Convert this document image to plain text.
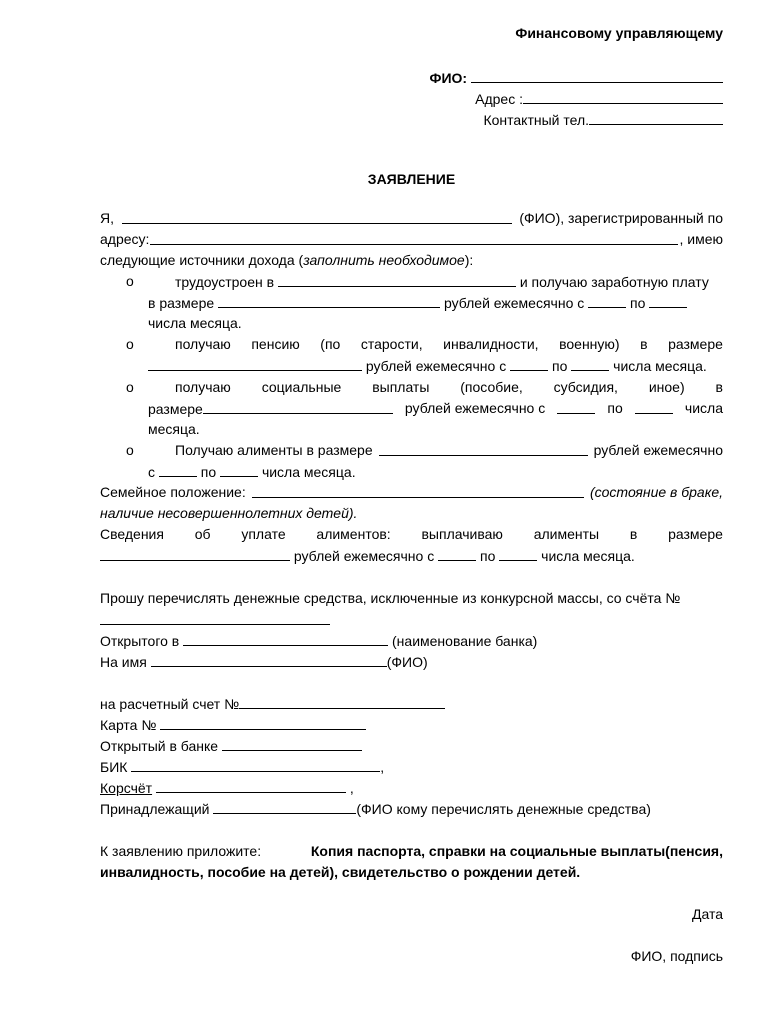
Финансовому управляющему
ФИО:
Адрес :
Контактный тел.
ЗАЯВЛЕНИЕ
Я,	(ФИО), зарегистрированный по
адресу:	, имею
следующие источники дохода (заполнить необходимое):
o	трудоустроен в	и получаю заработную плату
в размере	рублей ежемесячно с	по
числа месяца.
o	получаю пенсию (по старости, инвалидности, военную) в размере
рублей ежемесячно с	по	числа месяца.
o	получаю социальные выплаты (пособие, субсидия, иное) в
размере	рублей ежемесячно с	по	числа
месяца.
o	Получаю алименты в размере	рублей ежемесячно
с	по	числа месяца.
Семейное положение:	(состояние в браке,
наличие несовершеннолетних детей).
Сведения об уплате алиментов: выплачиваю алименты в размере
рублей ежемесячно с	по	числа месяца.
Прошу перечислять денежные средства, исключенные из конкурсной массы, со счёта №
Открытого в	(наименование банка)
На имя	(ФИО)
на расчетный счет №
Карта №
Открытый в банке
БИК	,
Корсчёт	,
Принадлежащий	(ФИО кому перечислять денежные средства)
К заявлению приложите:	Копия паспорта, справки на социальные выплаты(пенсия,
инвалидность, пособие на детей), свидетельство о рождении детей.
Дата
ФИО, подпись
